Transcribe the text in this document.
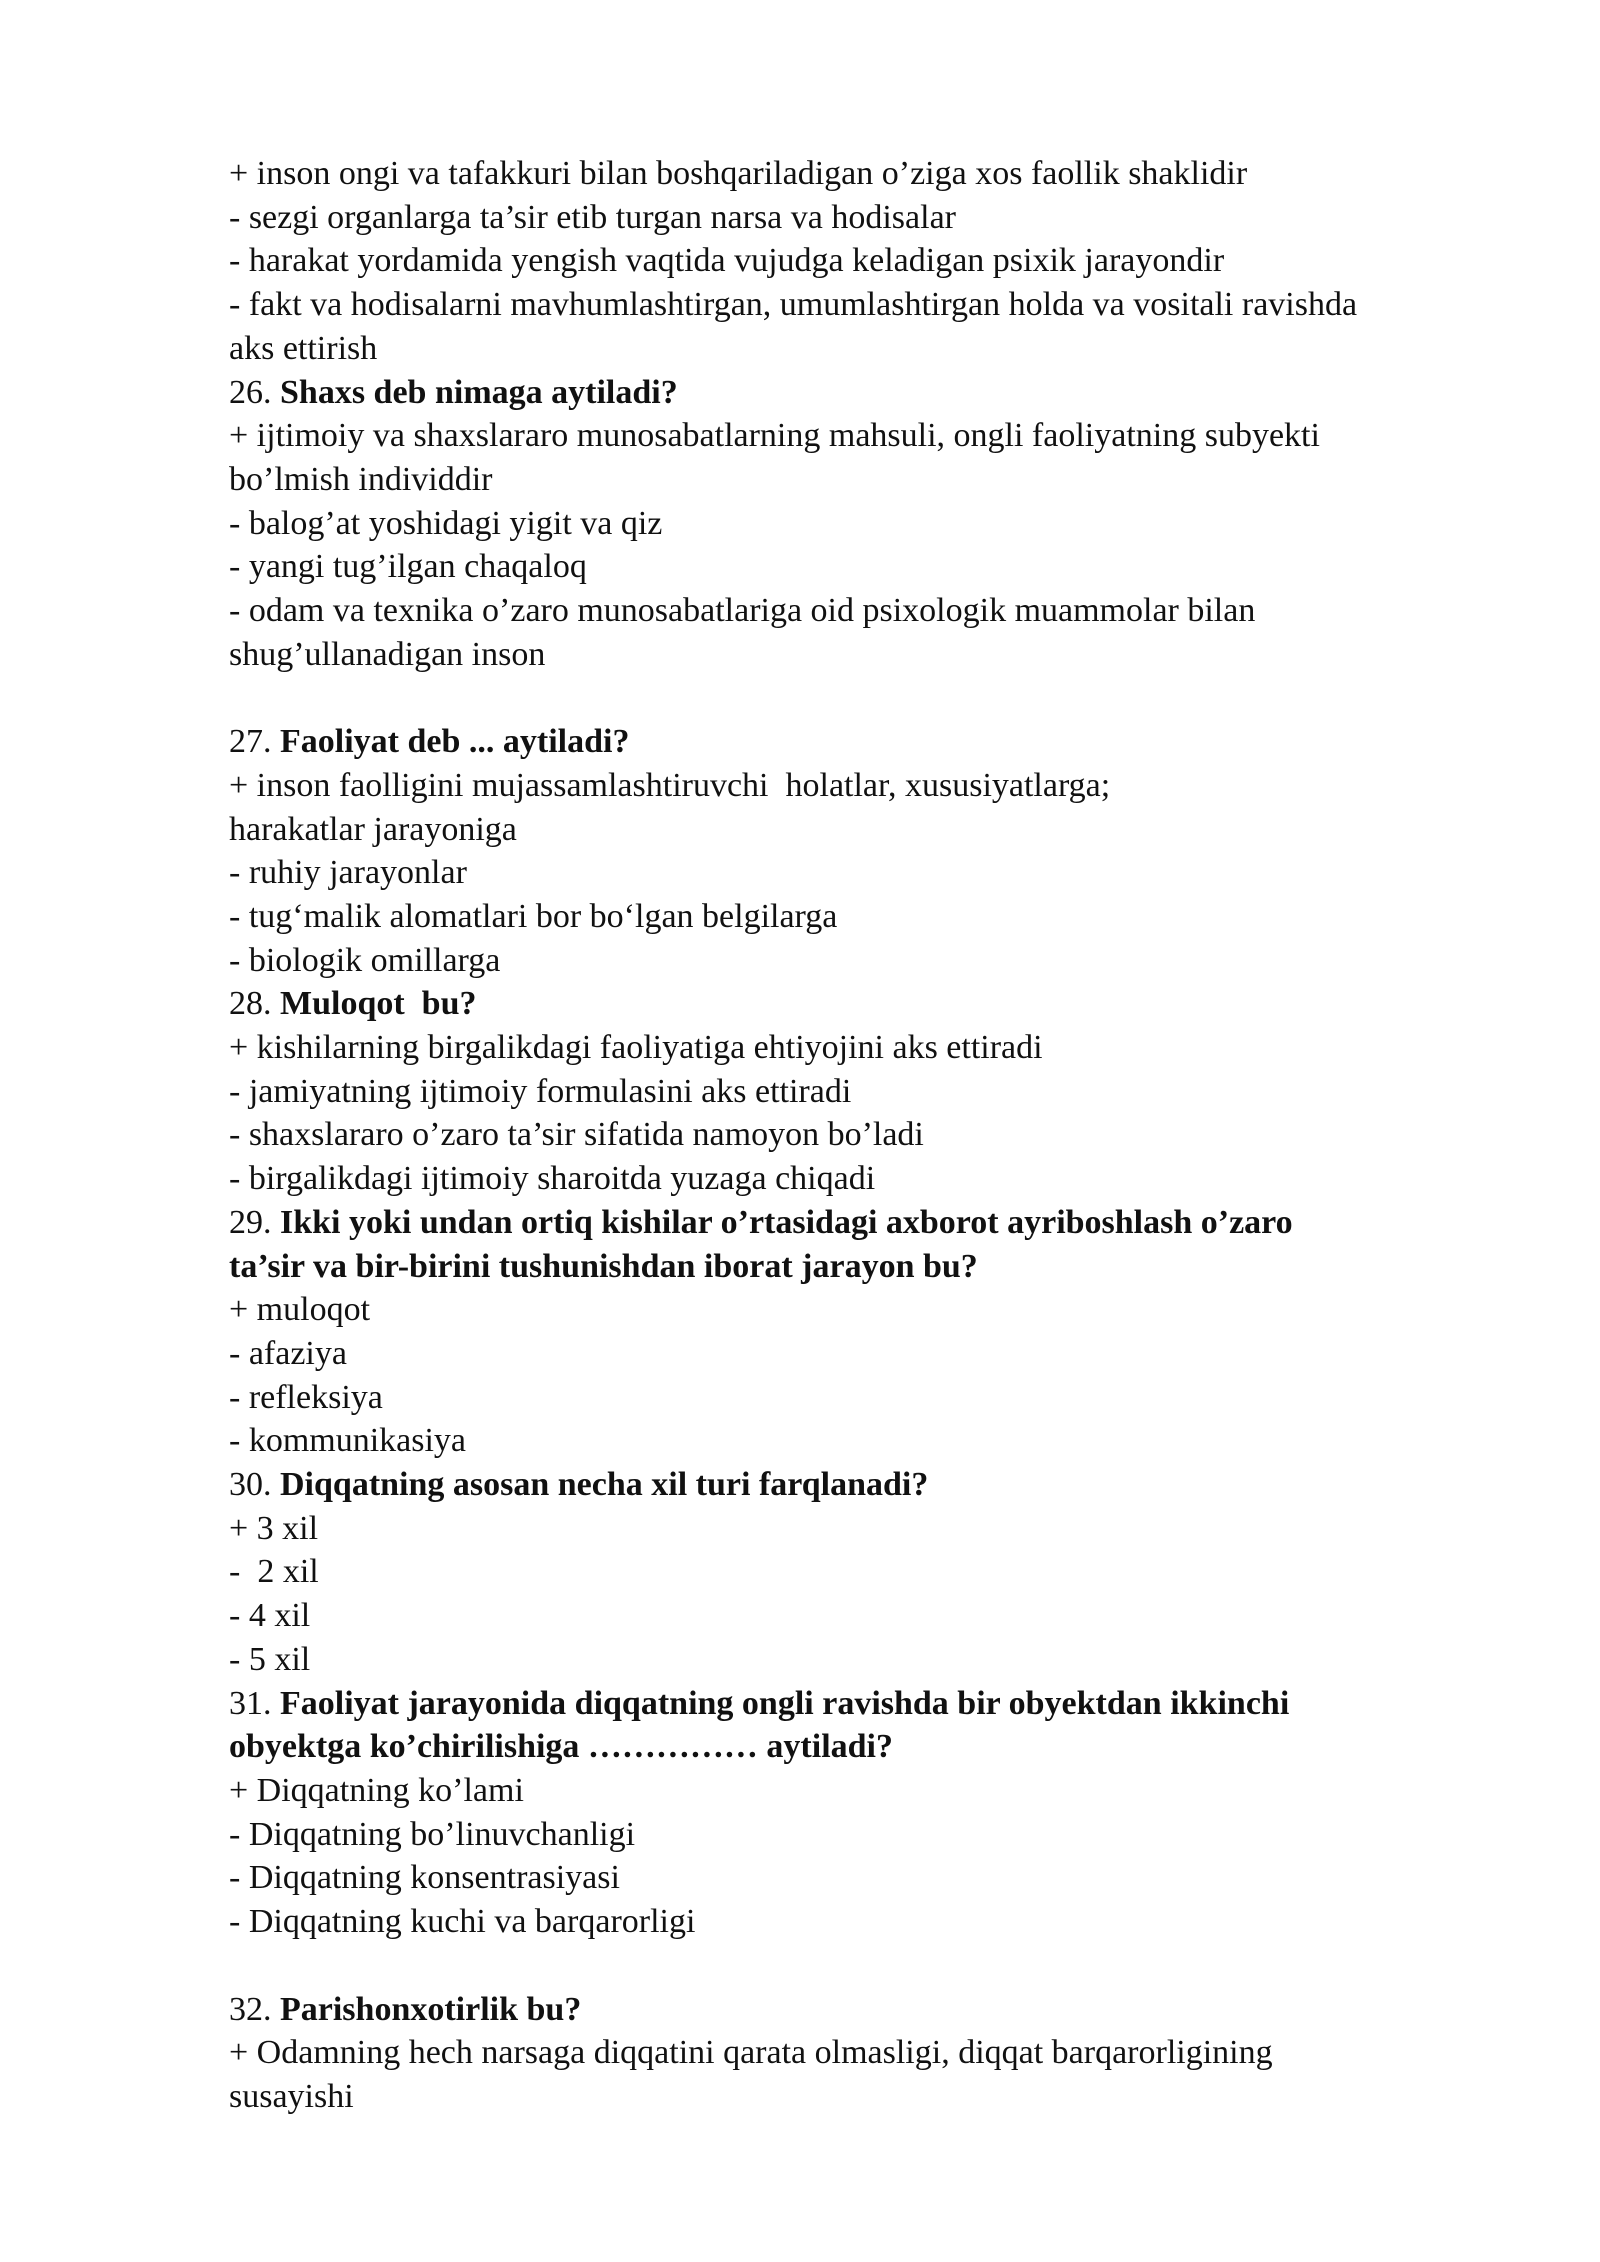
+ inson ongi va tafakkuri bilan boshqariladigan o’ziga xos faollik shaklidir
- sezgi organlarga ta’sir etib turgan narsa va hodisalar
- harakat yordamida yengish vaqtida vujudga keladigan psixik jarayondir
- fakt va hodisalarni mavhumlashtirgan, umumlashtirgan holda va vositali ravishda
aks ettirish
26. Shaxs deb nimaga aytiladi?
+ ijtimoiy va shaxslararo munosabatlarning mahsuli, ongli faoliyatning subyekti
bo’lmish individdir
- balog’at yoshidagi yigit va qiz
- yangi tug’ilgan chaqaloq
- odam va texnika o’zaro munosabatlariga oid psixologik muammolar bilan
shug’ullanadigan inson
27. Faoliyat deb ... aytiladi?
+ inson faolligini mujassamlashtiruvchi  holatlar, xususiyatlarga;
harakatlar jarayoniga
- ruhiy jarayonlar
- tug‘malik alomatlari bor bo‘lgan belgilarga
- biologik omillarga
28. Muloqot  bu?
+ kishilarning birgalikdagi faoliyatiga ehtiyojini aks ettiradi
- jamiyatning ijtimoiy formulasini aks ettiradi
- shaxslararo o’zaro ta’sir sifatida namoyon bo’ladi
- birgalikdagi ijtimoiy sharoitda yuzaga chiqadi
29. Ikki yoki undan ortiq kishilar o’rtasidagi axborot ayriboshlash o’zaro
ta’sir va bir-birini tushunishdan iborat jarayon bu?
+ muloqot
- afaziya
- refleksiya
- kommunikasiya
30. Diqqatning asosan necha xil turi farqlanadi?
+ 3 xil
-  2 xil
- 4 xil
- 5 xil
31. Faoliyat jarayonida diqqatning ongli ravishda bir obyektdan ikkinchi
obyektga ko’chirilishiga …………… aytiladi?
+ Diqqatning ko’lami
- Diqqatning bo’linuvchanligi
- Diqqatning konsentrasiyasi
- Diqqatning kuchi va barqarorligi
32. Parishonxotirlik bu?
+ Odamning hech narsaga diqqatini qarata olmasligi, diqqat barqarorligining
susayishi
